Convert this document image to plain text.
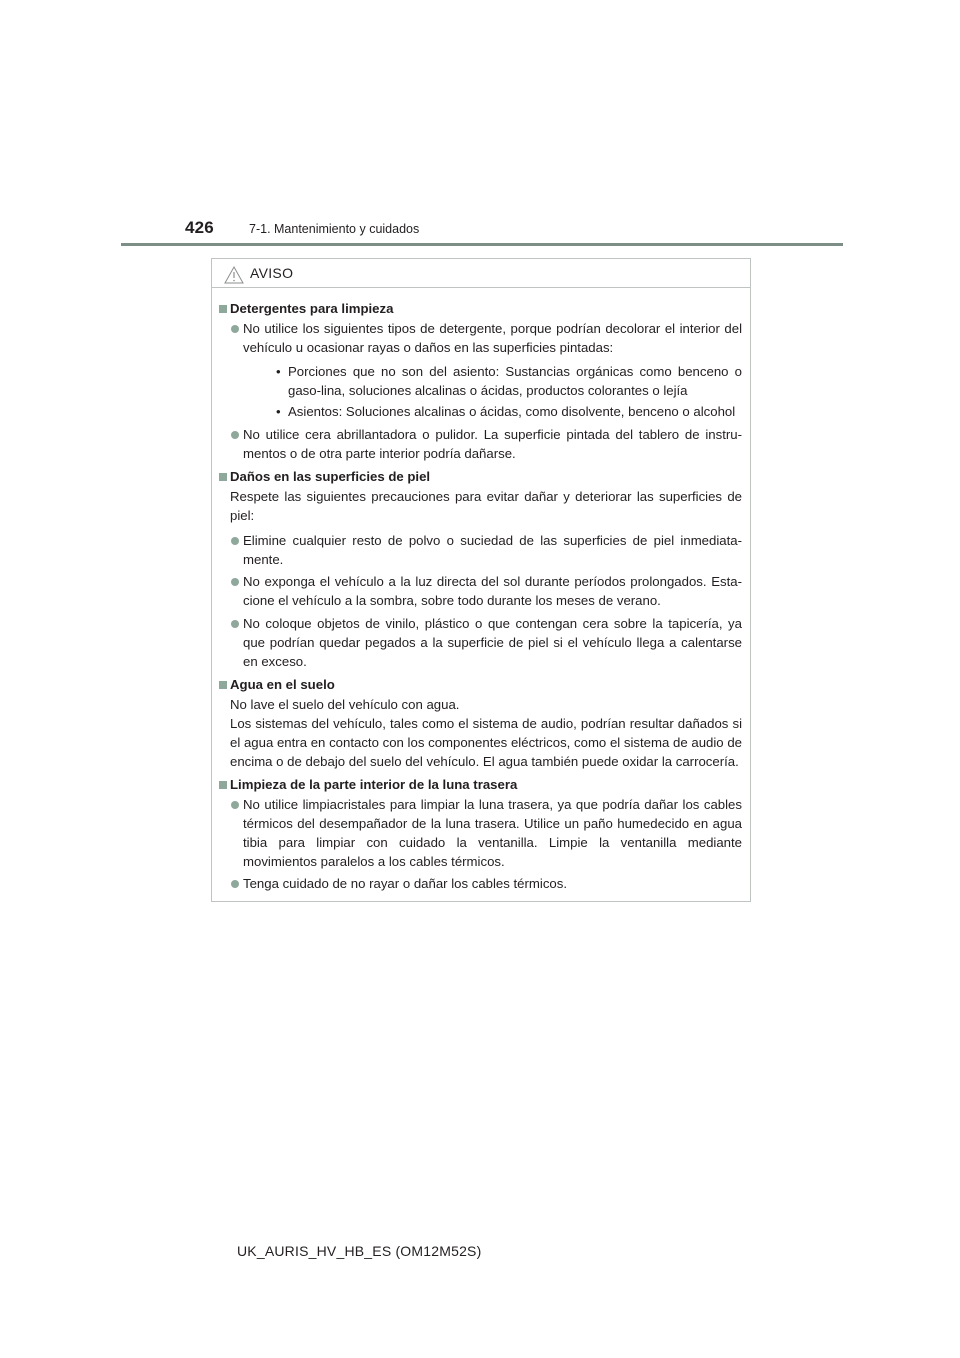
426	7-1. Mantenimiento y cuidados
AVISO
Detergentes para limpieza
No utilice los siguientes tipos de detergente, porque podrían decolorar el interior del vehículo u ocasionar rayas o daños en las superficies pintadas:
• Porciones que no son del asiento: Sustancias orgánicas como benceno o gaso-lina, soluciones alcalinas o ácidas, productos colorantes o lejía
• Asientos: Soluciones alcalinas o ácidas, como disolvente, benceno o alcohol
No utilice cera abrillantadora o pulidor. La superficie pintada del tablero de instru-mentos o de otra parte interior podría dañarse.
Daños en las superficies de piel
Respete las siguientes precauciones para evitar dañar y deteriorar las superficies de piel:
Elimine cualquier resto de polvo o suciedad de las superficies de piel inmediata-mente.
No exponga el vehículo a la luz directa del sol durante períodos prolongados. Esta-cione el vehículo a la sombra, sobre todo durante los meses de verano.
No coloque objetos de vinilo, plástico o que contengan cera sobre la tapicería, ya que podrían quedar pegados a la superficie de piel si el vehículo llega a calentarse en exceso.
Agua en el suelo
No lave el suelo del vehículo con agua.
Los sistemas del vehículo, tales como el sistema de audio, podrían resultar dañados si el agua entra en contacto con los componentes eléctricos, como el sistema de audio de encima o de debajo del suelo del vehículo. El agua también puede oxidar la carrocería.
Limpieza de la parte interior de la luna trasera
No utilice limpiacristales para limpiar la luna trasera, ya que podría dañar los cables térmicos del desempañador de la luna trasera. Utilice un paño humedecido en agua tibia para limpiar con cuidado la ventanilla. Limpie la ventanilla mediante movimientos paralelos a los cables térmicos.
Tenga cuidado de no rayar o dañar los cables térmicos.
UK_AURIS_HV_HB_ES (OM12M52S)
